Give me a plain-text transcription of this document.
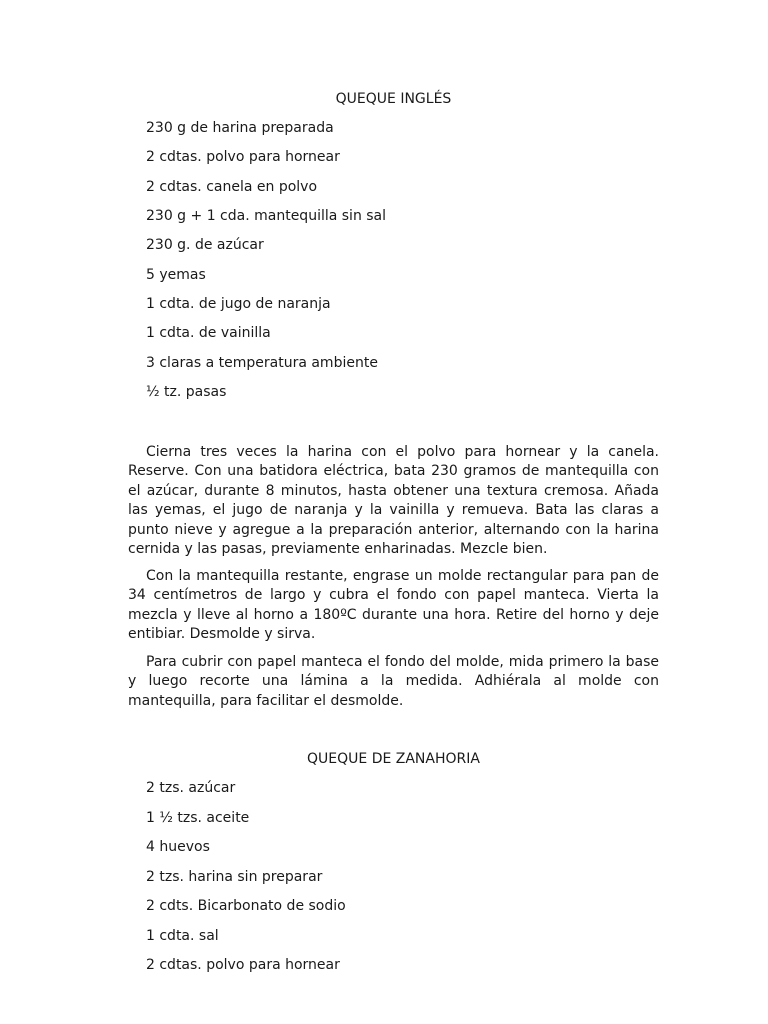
QUEQUE INGLÉS
230 g de harina preparada
2 cdtas. polvo para hornear
2 cdtas. canela en polvo
230 g + 1 cda. mantequilla sin sal
230 g. de azúcar
5 yemas
1 cdta. de jugo de naranja
1 cdta. de vainilla
3 claras a temperatura ambiente
½ tz. pasas

Cierna tres veces la harina con el polvo para hornear y la canela. Reserve. Con una batidora eléctrica, bata 230 gramos de mantequilla con el azúcar, durante 8 minutos, hasta obtener una textura cremosa. Añada las yemas, el jugo de naranja y la vainilla y remueva. Bata las claras a punto nieve y agregue a la preparación anterior, alternando con la harina cernida y las pasas, previamente enharinadas. Mezcle bien.

Con la mantequilla restante, engrase un molde rectangular para pan de 34 centímetros de largo y cubra el fondo con papel manteca. Vierta la mezcla y lleve al horno a 180ºC durante una hora. Retire del horno y deje entibiar. Desmolde y sirva.

Para cubrir con papel manteca el fondo del molde, mida primero la base y luego recorte una lámina a la medida. Adhiérala al molde con mantequilla, para facilitar el desmolde.

QUEQUE DE ZANAHORIA
2 tzs. azúcar
1 ½ tzs. aceite
4 huevos
2 tzs. harina sin preparar
2 cdts. Bicarbonato de sodio
1 cdta. sal
2 cdtas. polvo para hornear
